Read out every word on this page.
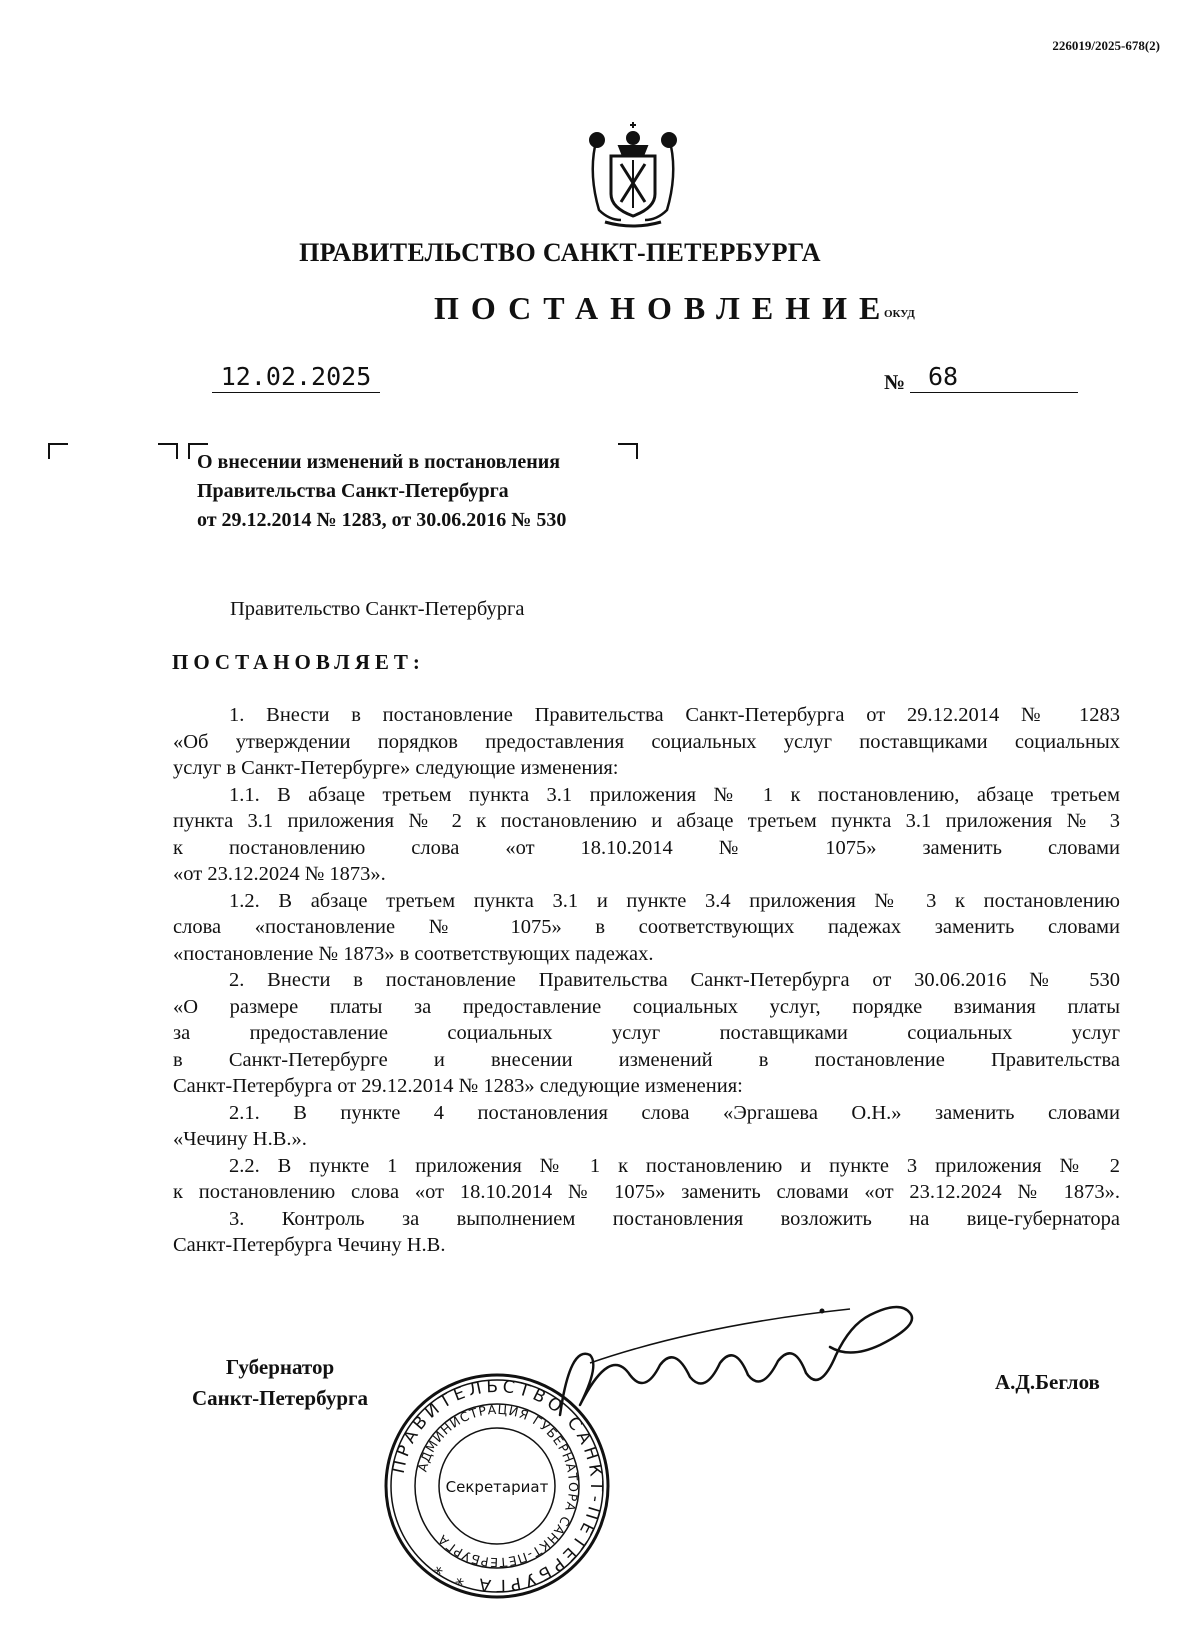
226019/2025-678(2)
ПРАВИТЕЛЬСТВО САНКТ-ПЕТЕРБУРГА
ПОСТАНОВЛЕНИЕ
ОКУД
12.02.2025	№ 68
О внесении изменений в постановления
Правительства Санкт-Петербурга
от 29.12.2014 № 1283, от 30.06.2016 № 530
Правительство Санкт-Петербурга
ПОСТАНОВЛЯЕТ:
1. Внести в постановление Правительства Санкт-Петербурга от 29.12.2014 № 1283
«Об утверждении порядков предоставления социальных услуг поставщиками социальных
услуг в Санкт-Петербурге» следующие изменения:
1.1. В абзаце третьем пункта 3.1 приложения № 1 к постановлению, абзаце третьем
пункта 3.1 приложения № 2 к постановлению и абзаце третьем пункта 3.1 приложения № 3
к постановлению слова «от 18.10.2014 № 1075» заменить словами
«от 23.12.2024 № 1873».
1.2. В абзаце третьем пункта 3.1 и пункте 3.4 приложения № 3 к постановлению
слова «постановление № 1075» в соответствующих падежах заменить словами
«постановление № 1873» в соответствующих падежах.
2. Внести в постановление Правительства Санкт-Петербурга от 30.06.2016 № 530
«О размере платы за предоставление социальных услуг, порядке взимания платы
за предоставление социальных услуг поставщиками социальных услуг
в Санкт-Петербурге и внесении изменений в постановление Правительства
Санкт-Петербурга от 29.12.2014 № 1283» следующие изменения:
2.1. В пункте 4 постановления слова «Эргашева О.Н.» заменить словами
«Чечину Н.В.».
2.2. В пункте 1 приложения № 1 к постановлению и пункте 3 приложения № 2
к постановлению слова «от 18.10.2014 № 1075» заменить словами «от 23.12.2024 № 1873».
3. Контроль за выполнением постановления возложить на вице-губернатора
Санкт-Петербурга Чечину Н.В.
Губернатор
Санкт-Петербурга
А.Д.Беглов
ПРАВИТЕЛЬСТВО САНКТ-ПЕТЕРБУРГА * *
АДМИНИСТРАЦИЯ ГУБЕРНАТОРА САНКТ-ПЕТЕРБУРГА
Секретариат
